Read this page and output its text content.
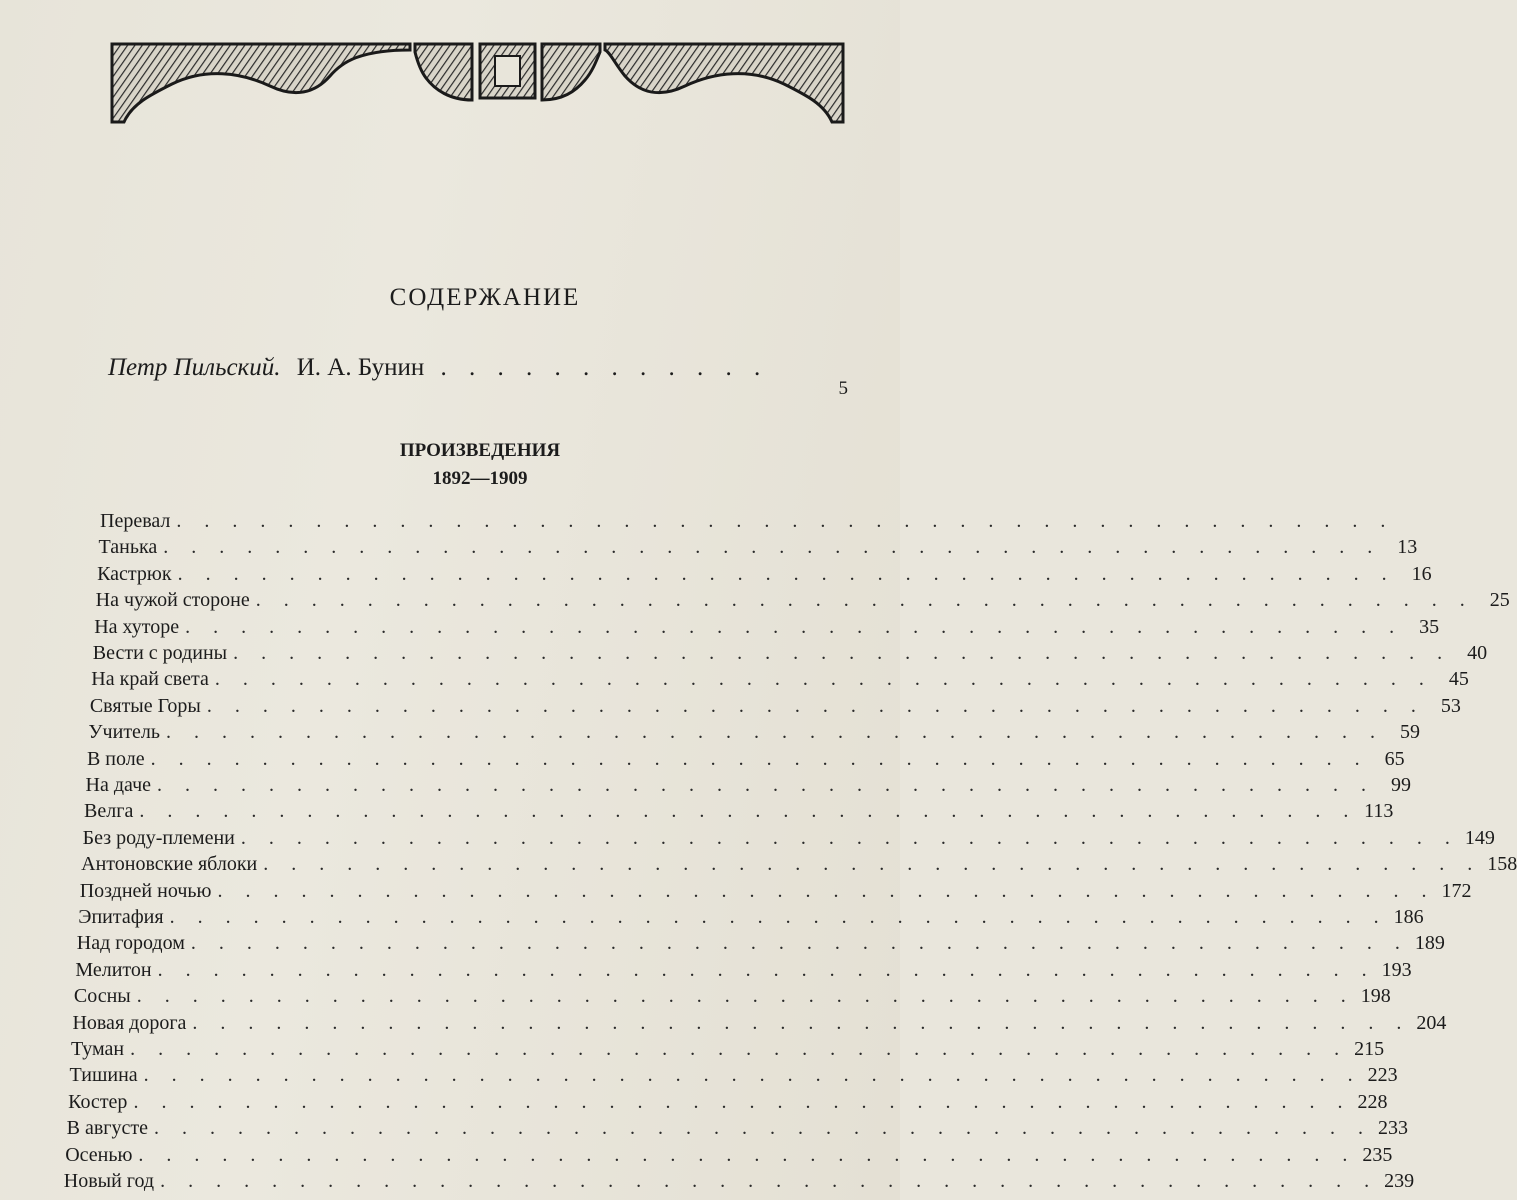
СОДЕРЖАНИЕ
Петр Пильский. И. А. Бунин . . . . . . . . . . . .
5
ПРОИЗВЕДЕНИЯ
1892—1909
Перевал . . . . . . . . . . . . . . . . . . . . . . . . . . . . . . . . . . . . . . . . . . . .
Танька . . . . . . . . . . . . . . . . . . . . . . . . . . . . . . . . . . . . . . . . . . . . 13
Кастрюк . . . . . . . . . . . . . . . . . . . . . . . . . . . . . . . . . . . . . . . . . . . . 16
На чужой стороне . . . . . . . . . . . . . . . . . . . . . . . . . . . . . . . . . . . . . . . . . . . . 25
На хуторе . . . . . . . . . . . . . . . . . . . . . . . . . . . . . . . . . . . . . . . . . . . . 35
Вести с родины . . . . . . . . . . . . . . . . . . . . . . . . . . . . . . . . . . . . . . . . . . . . 40
На край света . . . . . . . . . . . . . . . . . . . . . . . . . . . . . . . . . . . . . . . . . . . . 45
Святые Горы . . . . . . . . . . . . . . . . . . . . . . . . . . . . . . . . . . . . . . . . . . . . 53
Учитель . . . . . . . . . . . . . . . . . . . . . . . . . . . . . . . . . . . . . . . . . . . . 59
В поле . . . . . . . . . . . . . . . . . . . . . . . . . . . . . . . . . . . . . . . . . . . . 65
На даче . . . . . . . . . . . . . . . . . . . . . . . . . . . . . . . . . . . . . . . . . . . . 99
Велга . . . . . . . . . . . . . . . . . . . . . . . . . . . . . . . . . . . . . . . . . . . . 113
Без роду-племени . . . . . . . . . . . . . . . . . . . . . . . . . . . . . . . . . . . . . . . . . . . . 149
Антоновские яблоки . . . . . . . . . . . . . . . . . . . . . . . . . . . . . . . . . . . . . . . . . . . . 158
Поздней ночью . . . . . . . . . . . . . . . . . . . . . . . . . . . . . . . . . . . . . . . . . . . . 172
Эпитафия . . . . . . . . . . . . . . . . . . . . . . . . . . . . . . . . . . . . . . . . . . . . 186
Над городом . . . . . . . . . . . . . . . . . . . . . . . . . . . . . . . . . . . . . . . . . . . . 189
Мелитон . . . . . . . . . . . . . . . . . . . . . . . . . . . . . . . . . . . . . . . . . . . . 193
Сосны . . . . . . . . . . . . . . . . . . . . . . . . . . . . . . . . . . . . . . . . . . . . 198
Новая дорога . . . . . . . . . . . . . . . . . . . . . . . . . . . . . . . . . . . . . . . . . . . . 204
Туман . . . . . . . . . . . . . . . . . . . . . . . . . . . . . . . . . . . . . . . . . . . . 215
Тишина . . . . . . . . . . . . . . . . . . . . . . . . . . . . . . . . . . . . . . . . . . . . 223
Костер . . . . . . . . . . . . . . . . . . . . . . . . . . . . . . . . . . . . . . . . . . . . 228
В августе . . . . . . . . . . . . . . . . . . . . . . . . . . . . . . . . . . . . . . . . . . . . 233
Осенью . . . . . . . . . . . . . . . . . . . . . . . . . . . . . . . . . . . . . . . . . . . . 235
Новый год . . . . . . . . . . . . . . . . . . . . . . . . . . . . . . . . . . . . . . . . . . . . 239
